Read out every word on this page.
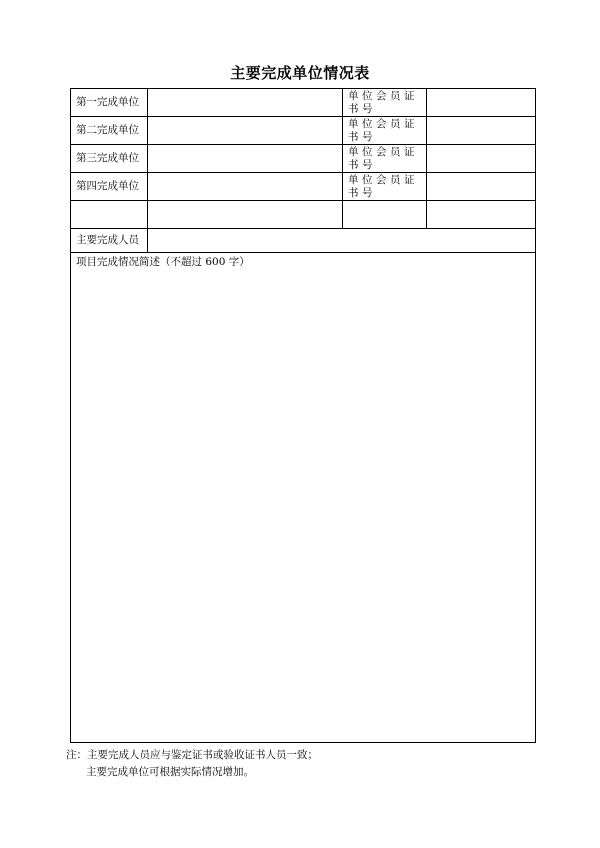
主要完成单位情况表
第一完成单位		单位会员证书号	
第二完成单位		单位会员证书号	
第三完成单位		单位会员证书号	
第四完成单位		单位会员证书号	

主要完成人员			
项目完成情况简述（不超过 600 字）			
注：主要完成人员应与鉴定证书或验收证书人员一致；
主要完成单位可根据实际情况增加。
